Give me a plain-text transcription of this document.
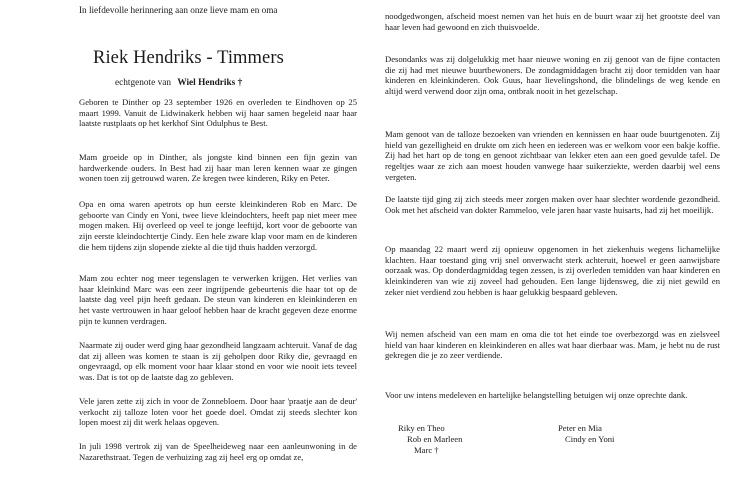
In liefdevolle herinnering aan onze lieve mam en oma
Riek Hendriks - Timmers
echtgenote van Wiel Hendriks †

Geboren te Dinther op 23 september 1926 en overleden te Eindhoven op 25 maart 1999. Vanuit de Lidwinakerk hebben wij haar samen begeleid naar haar laatste rustplaats op het kerkhof Sint Odulphus te Best.

Mam groeide op in Dinther, als jongste kind binnen een fijn gezin van hardwerkende ouders. In Best had zij haar man leren kennen waar ze gingen wonen toen zij getrouwd waren. Ze kregen twee kinderen, Riky en Peter.

Opa en oma waren apetrots op hun eerste kleinkinderen Rob en Marc. De geboorte van Cindy en Yoni, twee lieve kleindochters, heeft pap niet meer mee mogen maken. Hij overleed op veel te jonge leeftijd, kort voor de geboorte van zijn eerste kleindochtertje Cindy. Een hele zware klap voor mam en de kinderen die hem tijdens zijn slopende ziekte al die tijd thuis hadden verzorgd.

Mam zou echter nog meer tegenslagen te verwerken krijgen. Het verlies van haar kleinkind Marc was een zeer ingrijpende gebeurtenis die haar tot op de laatste dag veel pijn heeft gedaan. De steun van kinderen en kleinkinderen en het vaste vertrouwen in haar geloof hebben haar de kracht gegeven deze enorme pijn te kunnen verdragen.

Naarmate zij ouder werd ging haar gezondheid langzaam achteruit. Vanaf de dag dat zij alleen was komen te staan is zij geholpen door Riky die, gevraagd en ongevraagd, op elk moment voor haar klaar stond en voor wie nooit iets teveel was. Dat is tot op de laatste dag zo gebleven.

Vele jaren zette zij zich in voor de Zonnebloem. Door haar 'praatje aan de deur' verkocht zij talloze loten voor het goede doel. Omdat zij steeds slechter kon lopen moest zij dit werk helaas opgeven.

In juli 1998 vertrok zij van de Speelheideweg naar een aanleunwoning in de Nazarethstraat. Tegen de verhuizing zag zij heel erg op omdat ze,

noodgedwongen, afscheid moest nemen van het huis en de buurt waar zij het grootste deel van haar leven had gewoond en zich thuisvoelde.

Desondanks was zij dolgelukkig met haar nieuwe woning en zij genoot van de fijne contacten die zij had met nieuwe buurtbewoners. De zondagmiddagen bracht zij door temidden van haar kinderen en kleinkinderen. Ook Guus, haar lievelingshond, die blindelings de weg kende en altijd werd verwend door zijn oma, ontbrak nooit in het gezelschap.

Mam genoot van de talloze bezoeken van vrienden en kennissen en haar oude buurtgenoten. Zij hield van gezelligheid en drukte om zich heen en iedereen was er welkom voor een bakje koffie. Zij had het hart op de tong en genoot zichtbaar van lekker eten aan een goed gevulde tafel. De regeltjes waar ze zich aan moest houden vanwege haar suikerziekte, werden daarbij wel eens vergeten.

De laatste tijd ging zij zich steeds meer zorgen maken over haar slechter wordende gezondheid. Ook met het afscheid van dokter Rammeloo, vele jaren haar vaste huisarts, had zij het moeilijk.

Op maandag 22 maart werd zij opnieuw opgenomen in het ziekenhuis wegens lichamelijke klachten. Haar toestand ging vrij snel onverwacht sterk achteruit, hoewel er geen aanwijsbare oorzaak was. Op donderdagmiddag tegen zessen, is zij overleden temidden van haar kinderen en kleinkinderen van wie zij zoveel had gehouden. Een lange lijdensweg, die zij niet gewild en zeker niet verdiend zou hebben is haar gelukkig bespaard gebleven.

Wij nemen afscheid van een mam en oma die tot het einde toe overbezorgd was en zielsveel hield van haar kinderen en kleinkinderen en alles wat haar dierbaar was. Mam, je hebt nu de rust gekregen die je zo zeer verdiende.

Voor uw intens medeleven en hartelijke belangstelling betuigen wij onze oprechte dank.

Riky en Theo
Rob en Marleen
Marc †
Peter en Mia
Cindy en Yoni
